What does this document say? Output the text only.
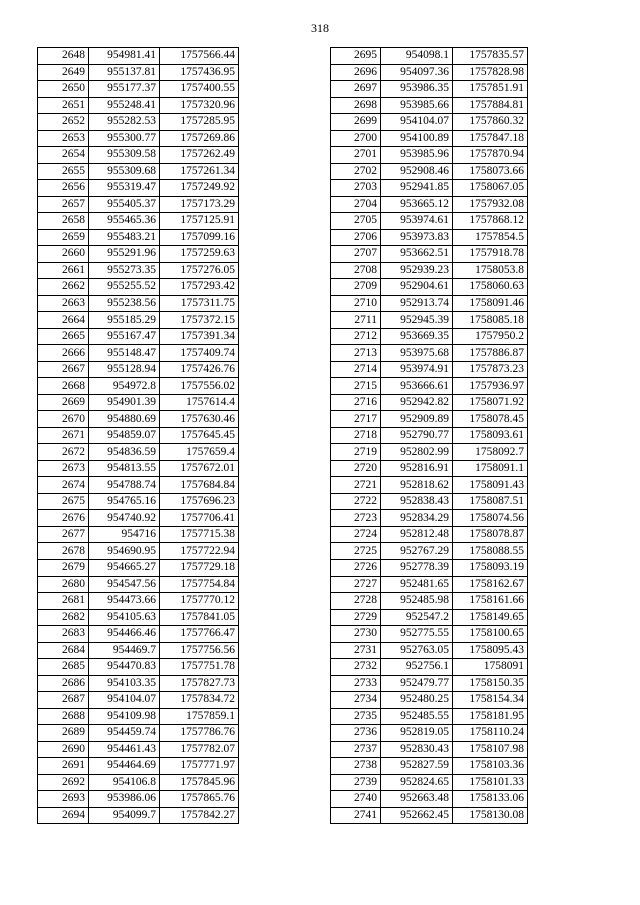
318
2648	954981.41	1757566.44
2649	955137.81	1757436.95
2650	955177.37	1757400.55
2651	955248.41	1757320.96
2652	955282.53	1757285.95
2653	955300.77	1757269.86
2654	955309.58	1757262.49
2655	955309.68	1757261.34
2656	955319.47	1757249.92
2657	955405.37	1757173.29
2658	955465.36	1757125.91
2659	955483.21	1757099.16
2660	955291.96	1757259.63
2661	955273.35	1757276.05
2662	955255.52	1757293.42
2663	955238.56	1757311.75
2664	955185.29	1757372.15
2665	955167.47	1757391.34
2666	955148.47	1757409.74
2667	955128.94	1757426.76
2668	954972.8	1757556.02
2669	954901.39	1757614.4
2670	954880.69	1757630.46
2671	954859.07	1757645.45
2672	954836.59	1757659.4
2673	954813.55	1757672.01
2674	954788.74	1757684.84
2675	954765.16	1757696.23
2676	954740.92	1757706.41
2677	954716	1757715.38
2678	954690.95	1757722.94
2679	954665.27	1757729.18
2680	954547.56	1757754.84
2681	954473.66	1757770.12
2682	954105.63	1757841.05
2683	954466.46	1757766.47
2684	954469.7	1757756.56
2685	954470.83	1757751.78
2686	954103.35	1757827.73
2687	954104.07	1757834.72
2688	954109.98	1757859.1
2689	954459.74	1757786.76
2690	954461.43	1757782.07
2691	954464.69	1757771.97
2692	954106.8	1757845.96
2693	953986.06	1757865.76
2694	954099.7	1757842.27
2695	954098.1	1757835.57
2696	954097.36	1757828.98
2697	953986.35	1757851.91
2698	953985.66	1757884.81
2699	954104.07	1757860.32
2700	954100.89	1757847.18
2701	953985.96	1757870.94
2702	952908.46	1758073.66
2703	952941.85	1758067.05
2704	953665.12	1757932.08
2705	953974.61	1757868.12
2706	953973.83	1757854.5
2707	953662.51	1757918.78
2708	952939.23	1758053.8
2709	952904.61	1758060.63
2710	952913.74	1758091.46
2711	952945.39	1758085.18
2712	953669.35	1757950.2
2713	953975.68	1757886.87
2714	953974.91	1757873.23
2715	953666.61	1757936.97
2716	952942.82	1758071.92
2717	952909.89	1758078.45
2718	952790.77	1758093.61
2719	952802.99	1758092.7
2720	952816.91	1758091.1
2721	952818.62	1758091.43
2722	952838.43	1758087.51
2723	952834.29	1758074.56
2724	952812.48	1758078.87
2725	952767.29	1758088.55
2726	952778.39	1758093.19
2727	952481.65	1758162.67
2728	952485.98	1758161.66
2729	952547.2	1758149.65
2730	952775.55	1758100.65
2731	952763.05	1758095.43
2732	952756.1	1758091
2733	952479.77	1758150.35
2734	952480.25	1758154.34
2735	952485.55	1758181.95
2736	952819.05	1758110.24
2737	952830.43	1758107.98
2738	952827.59	1758103.36
2739	952824.65	1758101.33
2740	952663.48	1758133.06
2741	952662.45	1758130.08
